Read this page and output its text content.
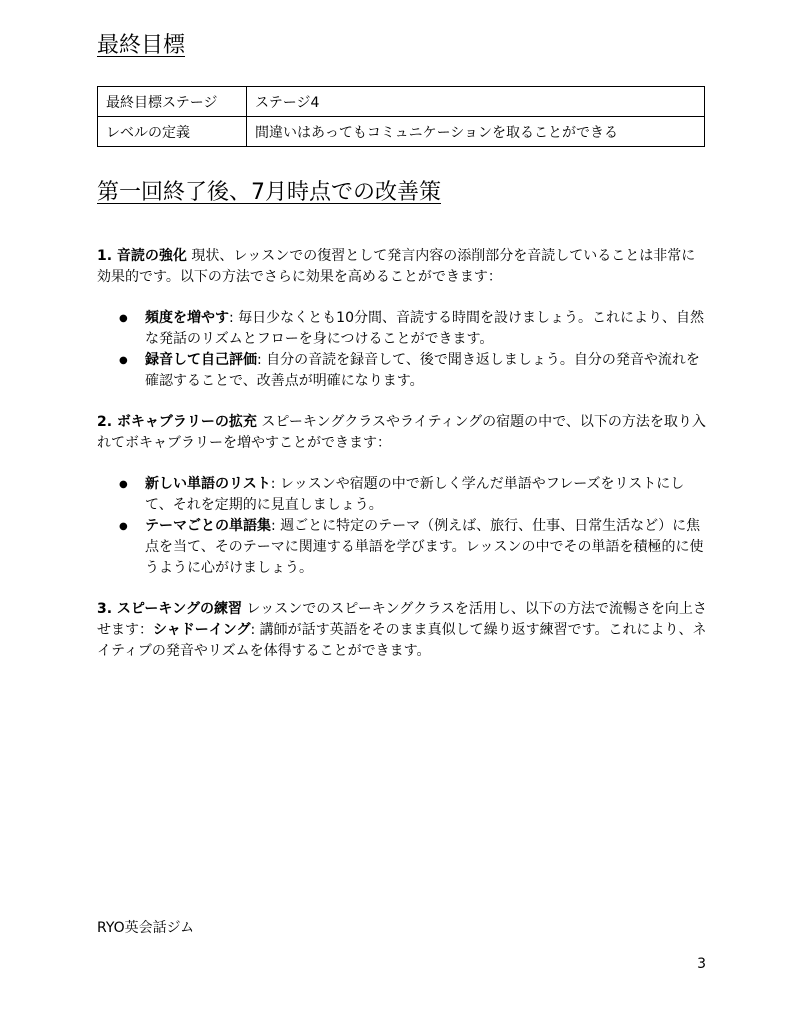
最終目標
最終目標ステージ	ステージ4
レベルの定義	間違いはあってもコミュニケーションを取ることができる
第一回終了後、7月時点での改善策

1. 音読の強化 現状、レッスンでの復習として発言内容の添削部分を音読していることは非常に効果的です。以下の方法でさらに効果を高めることができます：

● 頻度を増やす: 毎日少なくとも10分間、音読する時間を設けましょう。これにより、自然な発話のリズムとフローを身につけることができます。
● 録音して自己評価: 自分の音読を録音して、後で聞き返しましょう。自分の発音や流れを確認することで、改善点が明確になります。

2. ボキャブラリーの拡充 スピーキングクラスやライティングの宿題の中で、以下の方法を取り入れてボキャブラリーを増やすことができます：

● 新しい単語のリスト: レッスンや宿題の中で新しく学んだ単語やフレーズをリストにして、それを定期的に見直しましょう。
● テーマごとの単語集: 週ごとに特定のテーマ（例えば、旅行、仕事、日常生活など）に焦点を当て、そのテーマに関連する単語を学びます。レッスンの中でその単語を積極的に使うように心がけましょう。

3. スピーキングの練習 レッスンでのスピーキングクラスを活用し、以下の方法で流暢さを向上させます：シャドーイング: 講師が話す英語をそのまま真似して繰り返す練習です。これにより、ネイティブの発音やリズムを体得することができます。

RYO英会話ジム
3
